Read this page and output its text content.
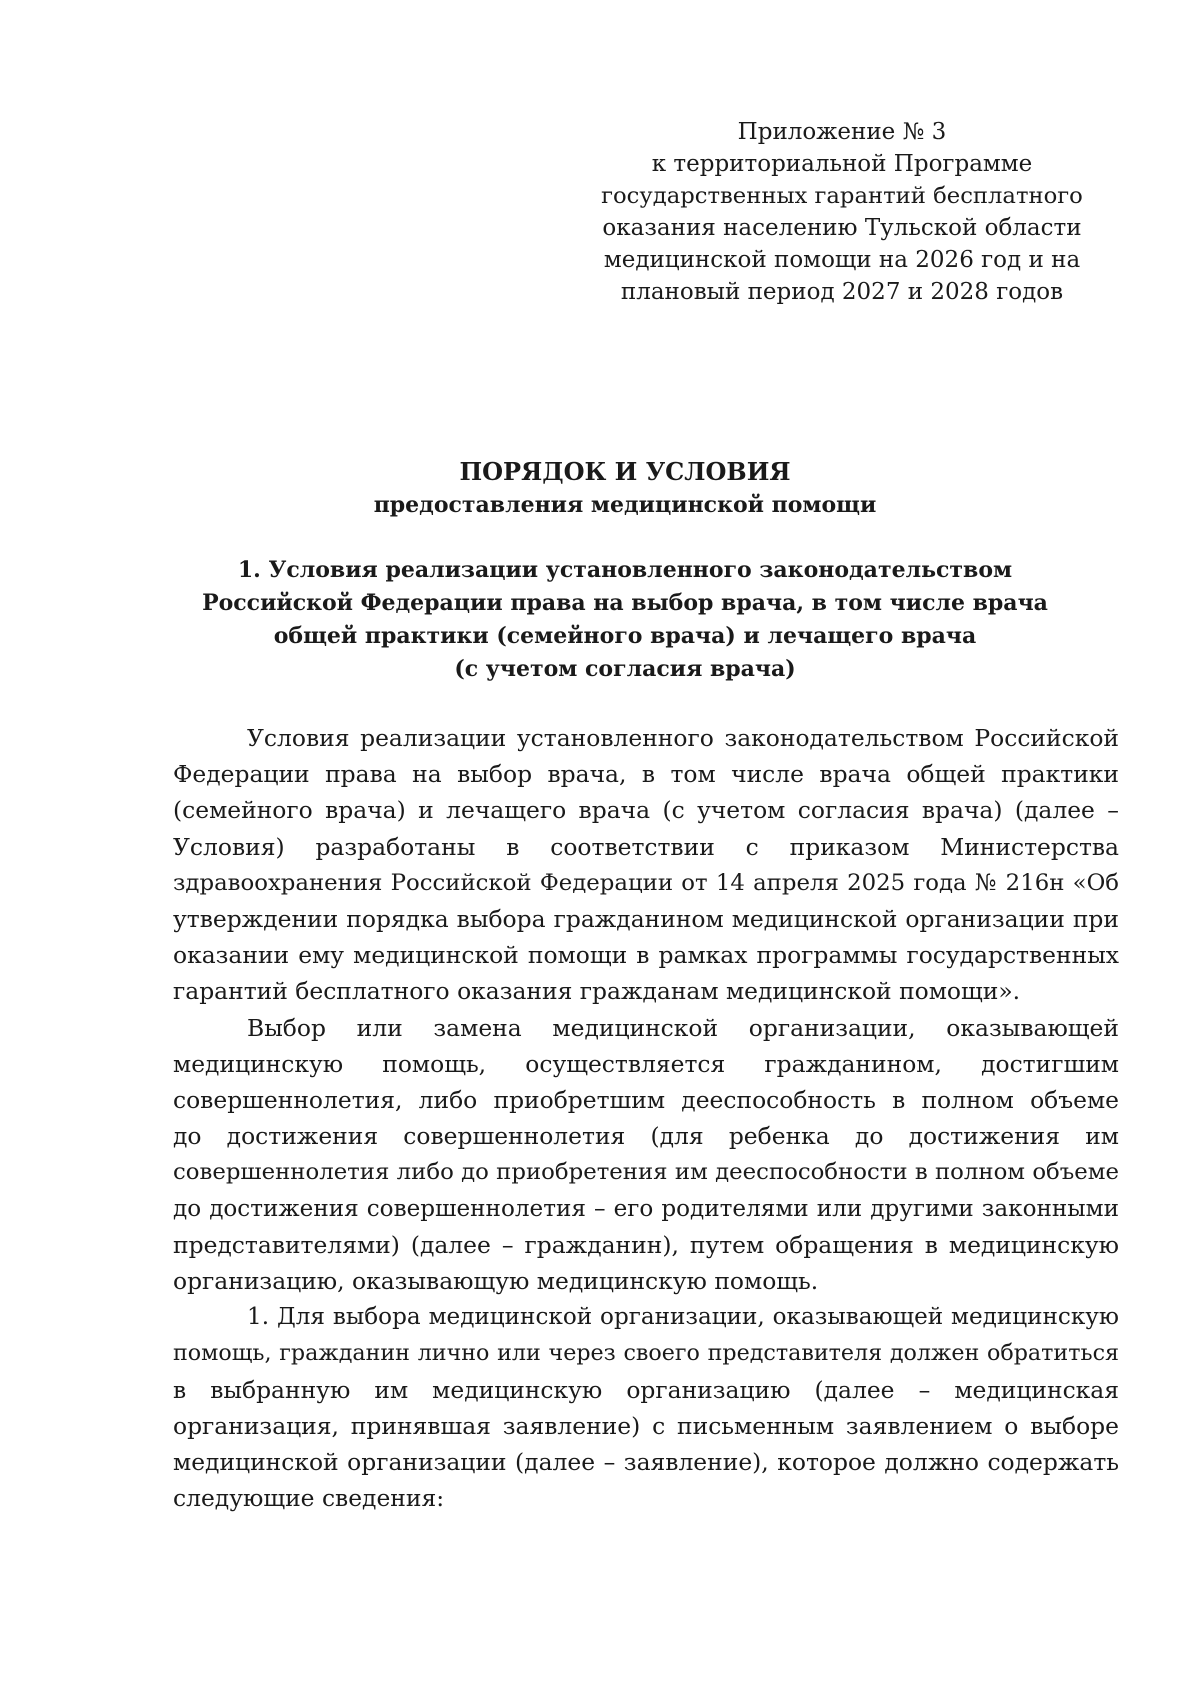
Приложение № 3
к территориальной Программе
государственных гарантий бесплатного
оказания населению Тульской области
медицинской помощи на 2026 год и на
плановый период 2027 и 2028 годов
ПОРЯДОК И УСЛОВИЯ
предоставления медицинской помощи
1. Условия реализации установленного законодательством
Российской Федерации права на выбор врача, в том числе врача
общей практики (семейного врача) и лечащего врача
(с учетом согласия врача)
Условия реализации установленного законодательством Российской
Федерации права на выбор врача, в том числе врача общей практики
(семейного врача) и лечащего врача (с учетом согласия врача) (далее –
Условия) разработаны в соответствии с приказом Министерства
здравоохранения Российской Федерации от 14 апреля 2025 года № 216н «Об
утверждении порядка выбора гражданином медицинской организации при
оказании ему медицинской помощи в рамках программы государственных
гарантий бесплатного оказания гражданам медицинской помощи».
Выбор или замена медицинской организации, оказывающей
медицинскую помощь, осуществляется гражданином, достигшим
совершеннолетия, либо приобретшим дееспособность в полном объеме
до достижения совершеннолетия (для ребенка до достижения им
совершеннолетия либо до приобретения им дееспособности в полном объеме
до достижения совершеннолетия – его родителями или другими законными
представителями) (далее – гражданин), путем обращения в медицинскую
организацию, оказывающую медицинскую помощь.
1. Для выбора медицинской организации, оказывающей медицинскую
помощь, гражданин лично или через своего представителя должен обратиться
в выбранную им медицинскую организацию (далее – медицинская
организация, принявшая заявление) с письменным заявлением о выборе
медицинской организации (далее – заявление), которое должно содержать
следующие сведения:
